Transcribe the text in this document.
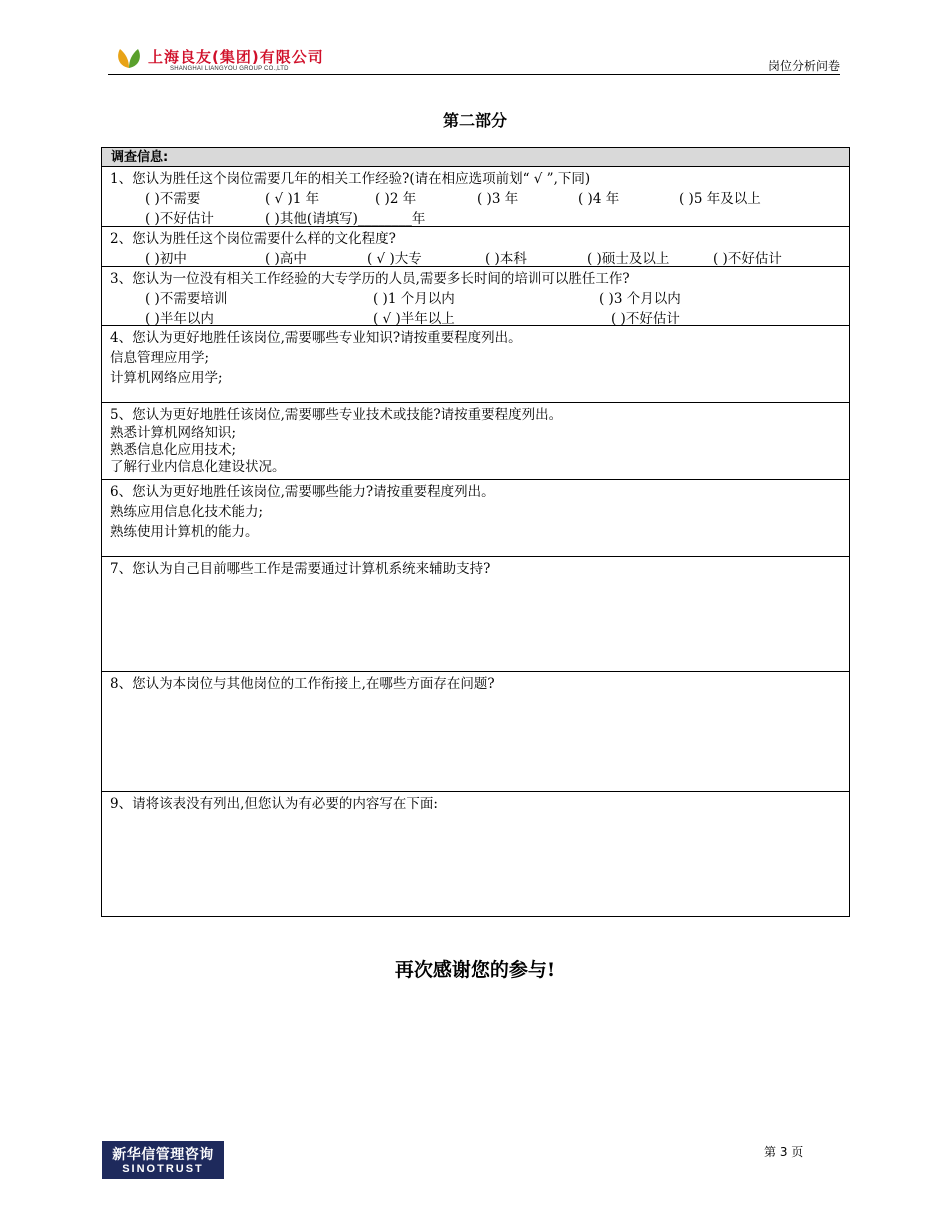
上海良友(集团)有限公司
SHANGHAI LIANGYOU GROUP CO.,LTD	岗位分析问卷
第二部分
调查信息:
1、您认为胜任这个岗位需要几年的相关工作经验?(请在相应选项前划“ √ ”,下同)
( )不需要	( √ )1 年	( )2 年	( )3 年	( )4 年	( )5 年及以上
( )不好估计	( )其他(请填写)________年
2、您认为胜任这个岗位需要什么样的文化程度?
( )初中	( )高中	( √ )大专	( )本科	( )硕士及以上	( )不好估计
3、您认为一位没有相关工作经验的大专学历的人员,需要多长时间的培训可以胜任工作?
( )不需要培训	( )1 个月以内	( )3 个月以内
( )半年以内	( √ )半年以上	( )不好估计
4、您认为更好地胜任该岗位,需要哪些专业知识?请按重要程度列出。
信息管理应用学;
计算机网络应用学;
5、您认为更好地胜任该岗位,需要哪些专业技术或技能?请按重要程度列出。
熟悉计算机网络知识;
熟悉信息化应用技术;
了解行业内信息化建设状况。
6、您认为更好地胜任该岗位,需要哪些能力?请按重要程度列出。
熟练应用信息化技术能力;
熟练使用计算机的能力。
7、您认为自己目前哪些工作是需要通过计算机系统来辅助支持?
8、您认为本岗位与其他岗位的工作衔接上,在哪些方面存在问题?
9、请将该表没有列出,但您认为有必要的内容写在下面:
再次感谢您的参与!
新华信管理咨询
SINOTRUST
第 3 页
